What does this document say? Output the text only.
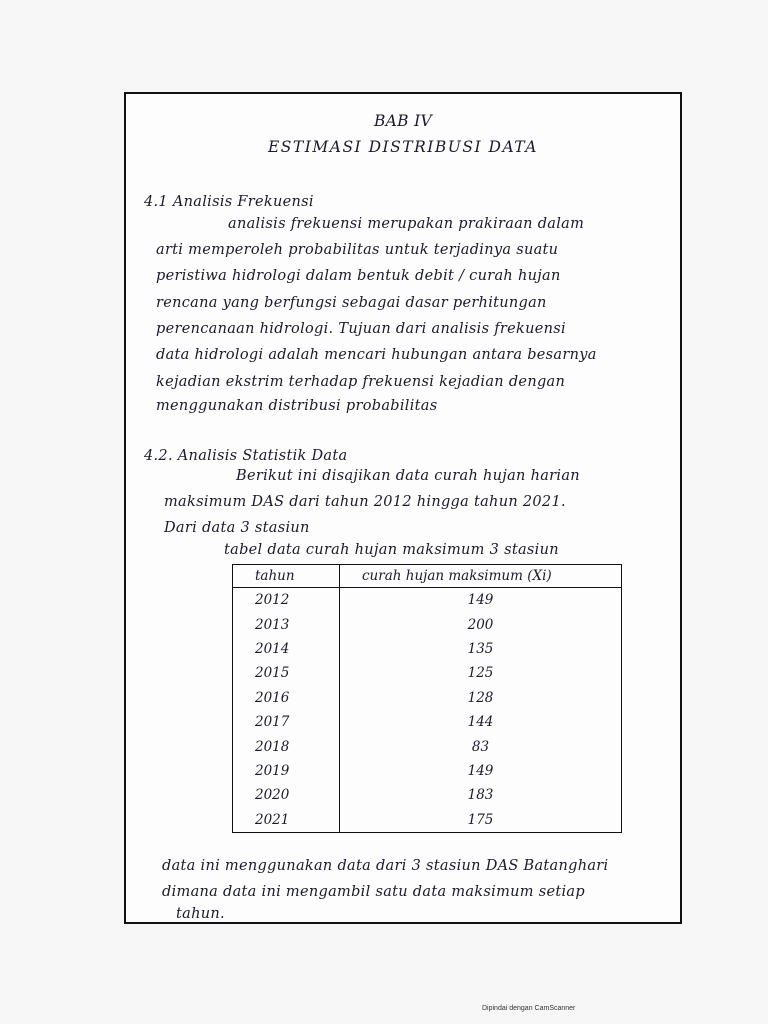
BAB IV
ESTIMASI DISTRIBUSI DATA
4.1 Analisis Frekuensi
analisis frekuensi merupakan prakiraan dalam
arti memperoleh probabilitas untuk terjadinya suatu
peristiwa hidrologi dalam bentuk debit / curah hujan
rencana yang berfungsi sebagai dasar perhitungan
perencanaan hidrologi. Tujuan dari analisis frekuensi
data hidrologi adalah mencari hubungan antara besarnya
kejadian ekstrim terhadap frekuensi kejadian dengan
menggunakan distribusi probabilitas
4.2. Analisis Statistik Data
Berikut ini disajikan data curah hujan harian
maksimum DAS dari tahun 2012 hingga tahun 2021.
Dari data 3 stasiun
tabel data curah hujan maksimum 3 stasiun
tahun	curah hujan maksimum (Xi)
2012	149
2013	200
2014	135
2015	125
2016	128
2017	144
2018	83
2019	149
2020	183
2021	175
data ini menggunakan data dari 3 stasiun DAS Batanghari
dimana data ini mengambil satu data maksimum setiap
tahun.
Dipindai dengan CamScanner
